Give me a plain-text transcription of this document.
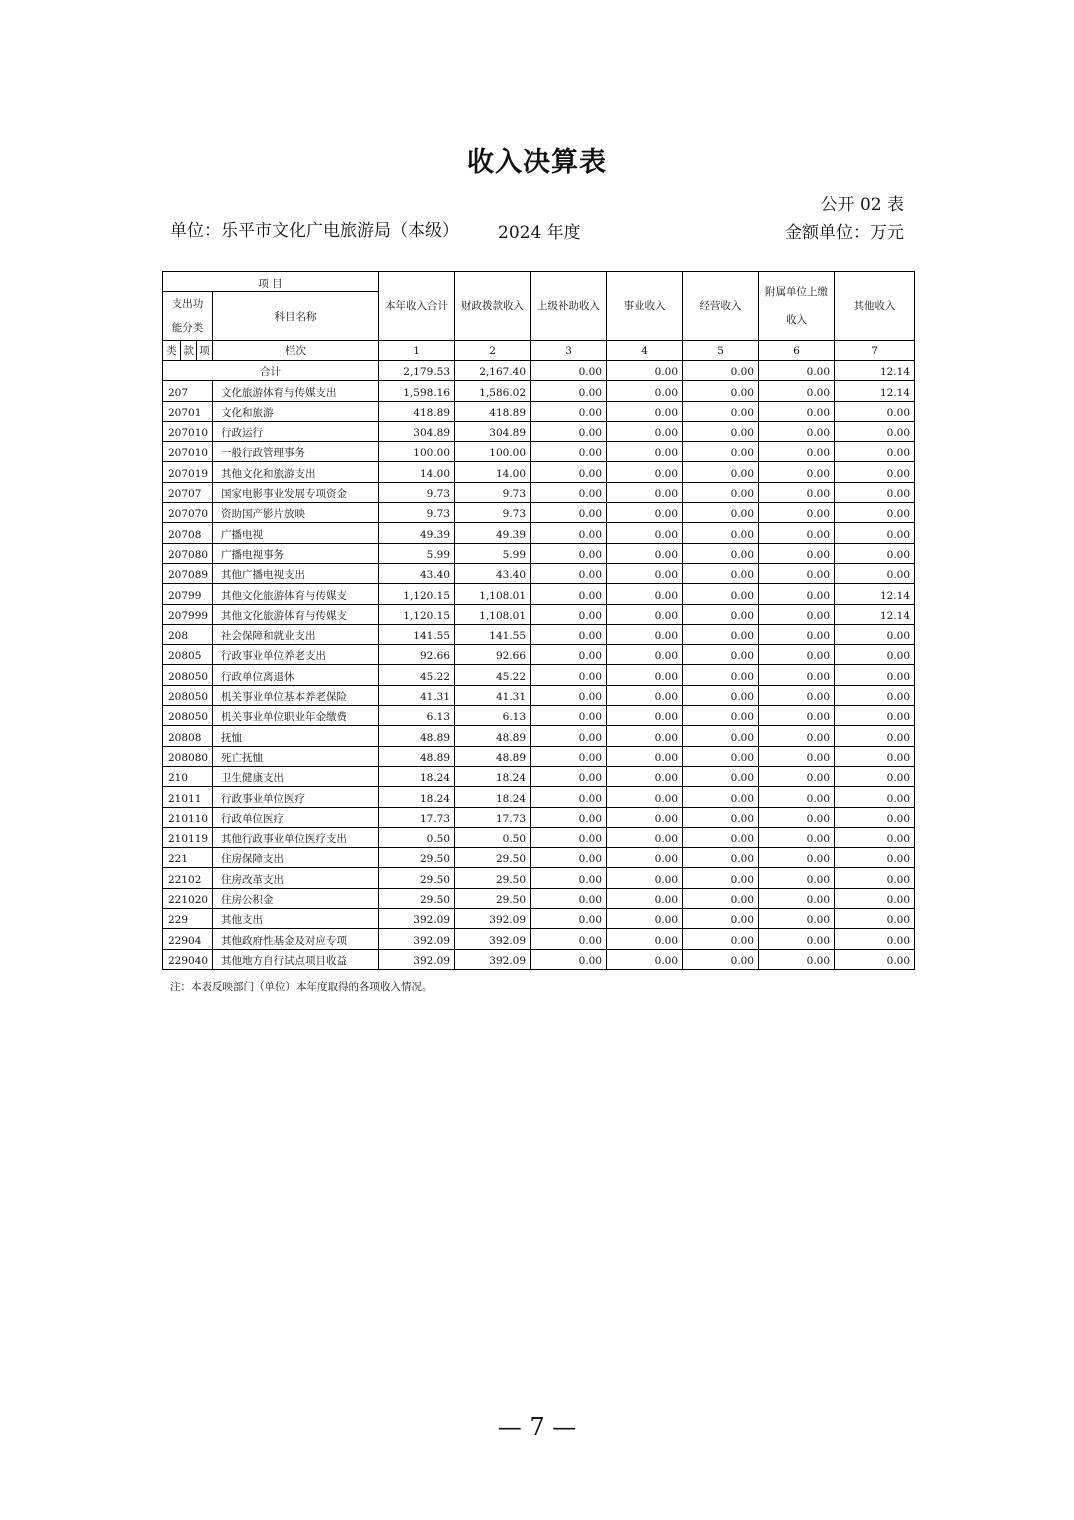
收入决算表
公开 02 表
单位：乐平市文化广电旅游局（本级） 2024 年度	金额单位：万元
项 目				本年收入合计	财政拨款收入	上级补助收入	事业收入	经营收入	附属单位上缴收入	其他收入
支出功能分类			科目名称							

类	款	项	栏次	1	2	3	4	5	6	7
合计				2,179.53	2,167.40	0.00	0.00	0.00	0.00	12.14
207			文化旅游体育与传媒支出	1,598.16	1,586.02	0.00	0.00	0.00	0.00	12.14
20701			文化和旅游	418.89	418.89	0.00	0.00	0.00	0.00	0.00
207010			行政运行	304.89	304.89	0.00	0.00	0.00	0.00	0.00
207010			一般行政管理事务	100.00	100.00	0.00	0.00	0.00	0.00	0.00
207019			其他文化和旅游支出	14.00	14.00	0.00	0.00	0.00	0.00	0.00
20707			国家电影事业发展专项资金	9.73	9.73	0.00	0.00	0.00	0.00	0.00
207070			资助国产影片放映	9.73	9.73	0.00	0.00	0.00	0.00	0.00
20708			广播电视	49.39	49.39	0.00	0.00	0.00	0.00	0.00
207080			广播电视事务	5.99	5.99	0.00	0.00	0.00	0.00	0.00
207089			其他广播电视支出	43.40	43.40	0.00	0.00	0.00	0.00	0.00
20799			其他文化旅游体育与传媒支	1,120.15	1,108.01	0.00	0.00	0.00	0.00	12.14
207999			其他文化旅游体育与传媒支	1,120.15	1,108.01	0.00	0.00	0.00	0.00	12.14
208			社会保障和就业支出	141.55	141.55	0.00	0.00	0.00	0.00	0.00
20805			行政事业单位养老支出	92.66	92.66	0.00	0.00	0.00	0.00	0.00
208050			行政单位离退休	45.22	45.22	0.00	0.00	0.00	0.00	0.00
208050			机关事业单位基本养老保险	41.31	41.31	0.00	0.00	0.00	0.00	0.00
208050			机关事业单位职业年金缴费	6.13	6.13	0.00	0.00	0.00	0.00	0.00
20808			抚恤	48.89	48.89	0.00	0.00	0.00	0.00	0.00
208080			死亡抚恤	48.89	48.89	0.00	0.00	0.00	0.00	0.00
210			卫生健康支出	18.24	18.24	0.00	0.00	0.00	0.00	0.00
21011			行政事业单位医疗	18.24	18.24	0.00	0.00	0.00	0.00	0.00
210110			行政单位医疗	17.73	17.73	0.00	0.00	0.00	0.00	0.00
210119			其他行政事业单位医疗支出	0.50	0.50	0.00	0.00	0.00	0.00	0.00
221			住房保障支出	29.50	29.50	0.00	0.00	0.00	0.00	0.00
22102			住房改革支出	29.50	29.50	0.00	0.00	0.00	0.00	0.00
221020			住房公积金	29.50	29.50	0.00	0.00	0.00	0.00	0.00
229			其他支出	392.09	392.09	0.00	0.00	0.00	0.00	0.00
22904			其他政府性基金及对应专项	392.09	392.09	0.00	0.00	0.00	0.00	0.00
229040			其他地方自行试点项目收益	392.09	392.09	0.00	0.00	0.00	0.00	0.00
注：本表反映部门（单位）本年度取得的各项收入情况。
— 7 —
